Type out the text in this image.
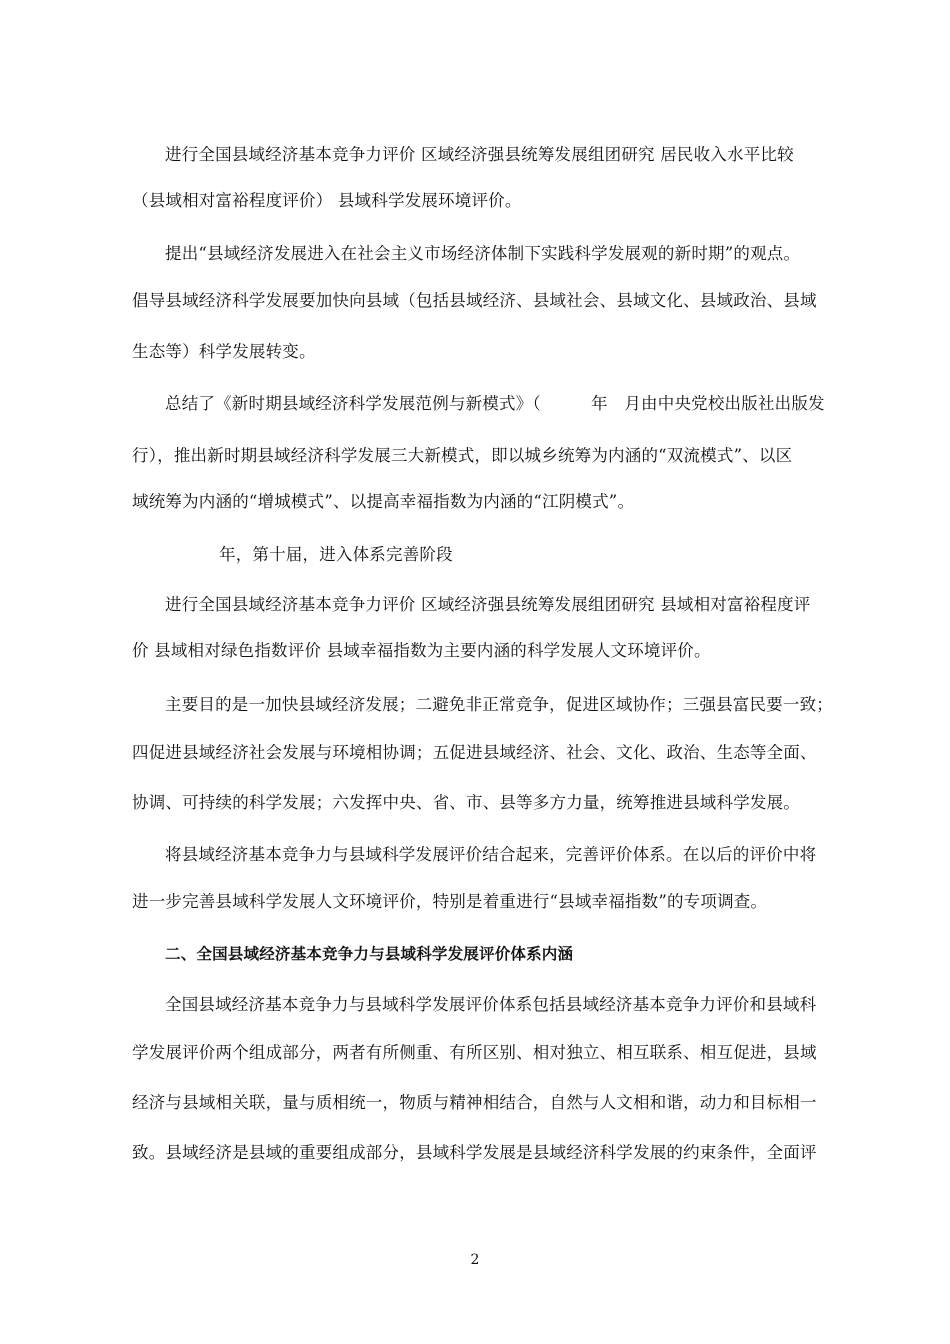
进行全国县域经济基本竞争力评价 区域经济强县统筹发展组团研究 居民收入水平比较
（县域相对富裕程度评价） 县域科学发展环境评价。
提出“县域经济发展进入在社会主义市场经济体制下实践科学发展观的新时期”的观点。
倡导县域经济科学发展要加快向县域（包括县域经济、县域社会、县域文化、县域政治、县域
生态等）科学发展转变。
总结了《新时期县域经济科学发展范例与新模式》（　　　年　月由中央党校出版社出版发
行），推出新时期县域经济科学发展三大新模式，即以城乡统筹为内涵的“双流模式”、以区
域统筹为内涵的“增城模式”、以提高幸福指数为内涵的“江阴模式”。
年，第十届，进入体系完善阶段
进行全国县域经济基本竞争力评价 区域经济强县统筹发展组团研究 县域相对富裕程度评
价 县域相对绿色指数评价 县域幸福指数为主要内涵的科学发展人文环境评价。
主要目的是一加快县域经济发展；二避免非正常竞争，促进区域协作；三强县富民要一致；
四促进县域经济社会发展与环境相协调；五促进县域经济、社会、文化、政治、生态等全面、
协调、可持续的科学发展；六发挥中央、省、市、县等多方力量，统筹推进县域科学发展。
将县域经济基本竞争力与县域科学发展评价结合起来，完善评价体系。在以后的评价中将
进一步完善县域科学发展人文环境评价，特别是着重进行“县域幸福指数”的专项调查。
二、全国县域经济基本竞争力与县域科学发展评价体系内涵
全国县域经济基本竞争力与县域科学发展评价体系包括县域经济基本竞争力评价和县域科
学发展评价两个组成部分，两者有所侧重、有所区别、相对独立、相互联系、相互促进，县域
经济与县域相关联，量与质相统一，物质与精神相结合，自然与人文相和谐，动力和目标相一
致。县域经济是县域的重要组成部分，县域科学发展是县域经济科学发展的约束条件，全面评
2
